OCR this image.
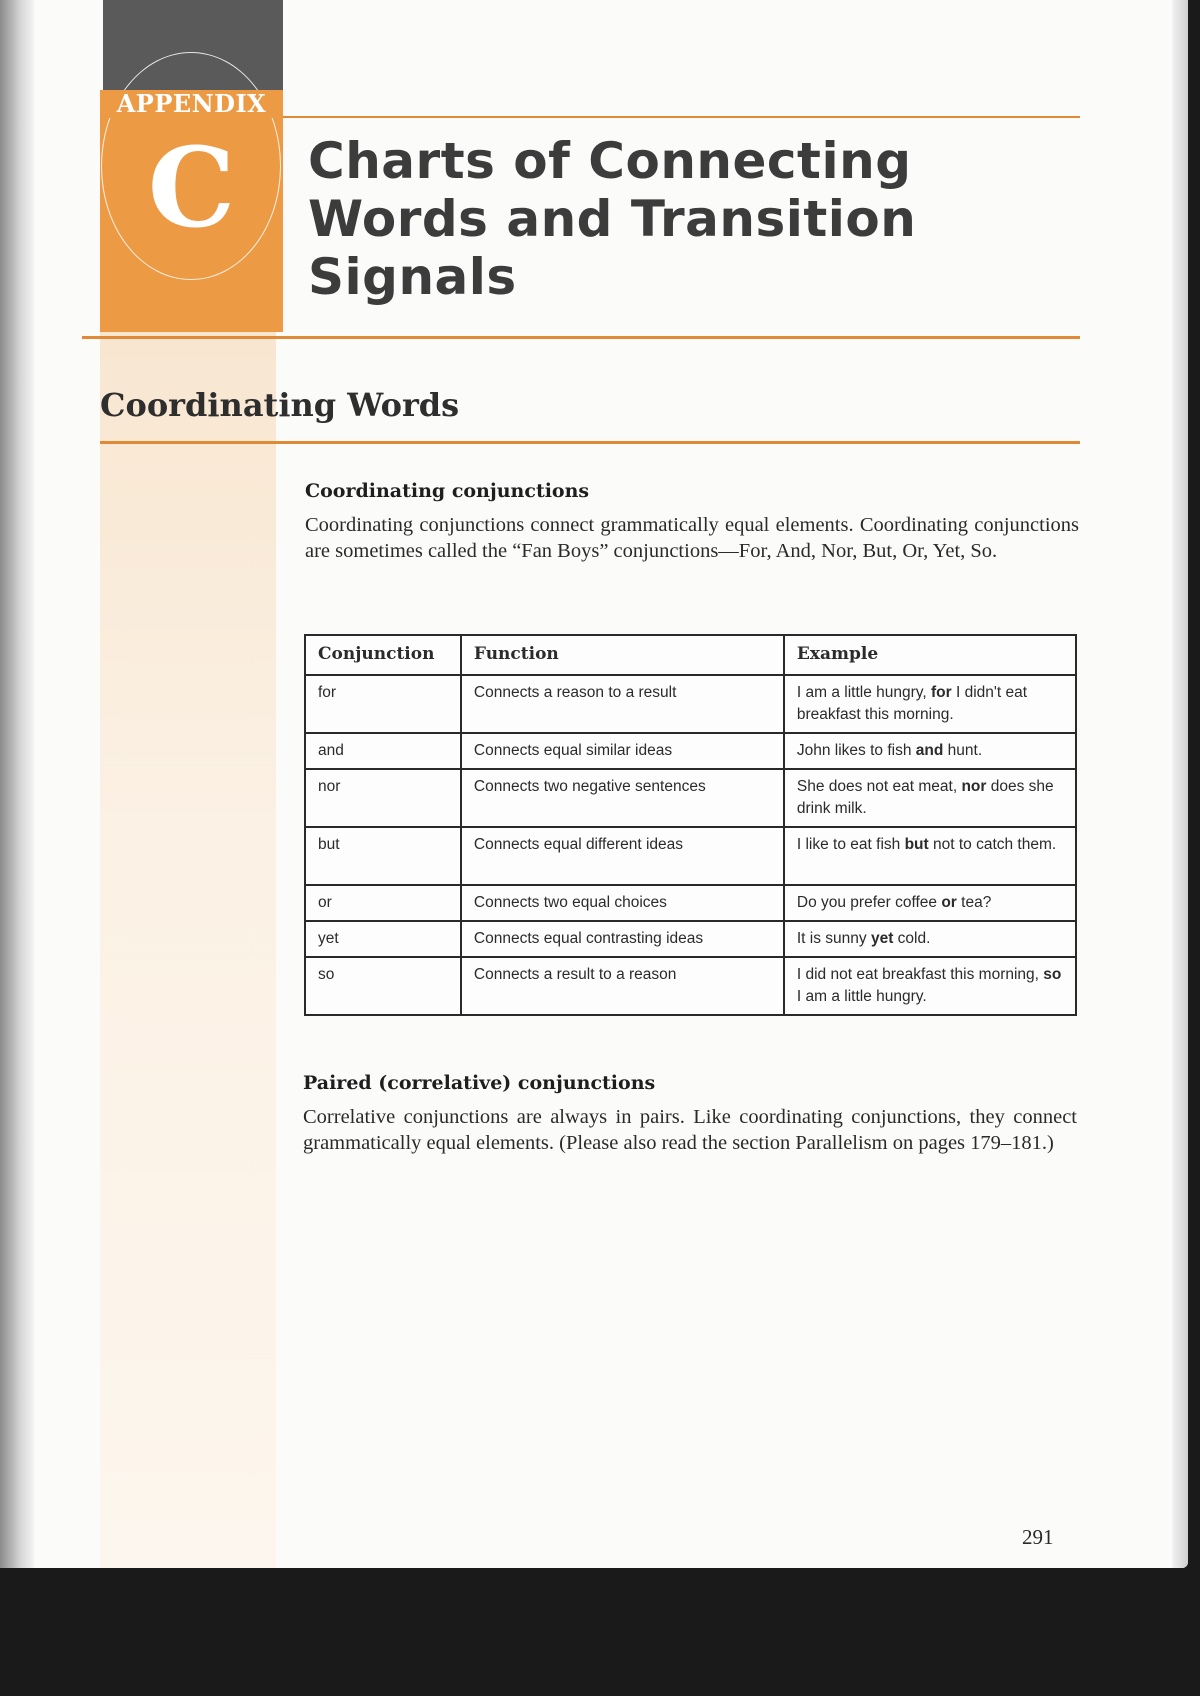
APPENDIX
C	Charts of Connecting
Words and Transition
Signals
Coordinating Words
Coordinating conjunctions
Coordinating conjunctions connect grammatically equal elements. Coordinating conjunctions are sometimes called the “Fan Boys” conjunctions—For, And, Nor, But, Or, Yet, So.
Conjunction	Function	Example
for	Connects a reason to a result	I am a little hungry, for I didn't eat breakfast this morning.
and	Connects equal similar ideas	John likes to fish and hunt.
nor	Connects two negative sentences	She does not eat meat, nor does she drink milk.
but	Connects equal different ideas	I like to eat fish but not to catch them.
or	Connects two equal choices	Do you prefer coffee or tea?
yet	Connects equal contrasting ideas	It is sunny yet cold.
so	Connects a result to a reason	I did not eat breakfast this morning, so I am a little hungry.
Paired (correlative) conjunctions
Correlative conjunctions are always in pairs. Like coordinating conjunctions, they connect grammatically equal elements. (Please also read the section Parallelism on pages 179–181.)
291
